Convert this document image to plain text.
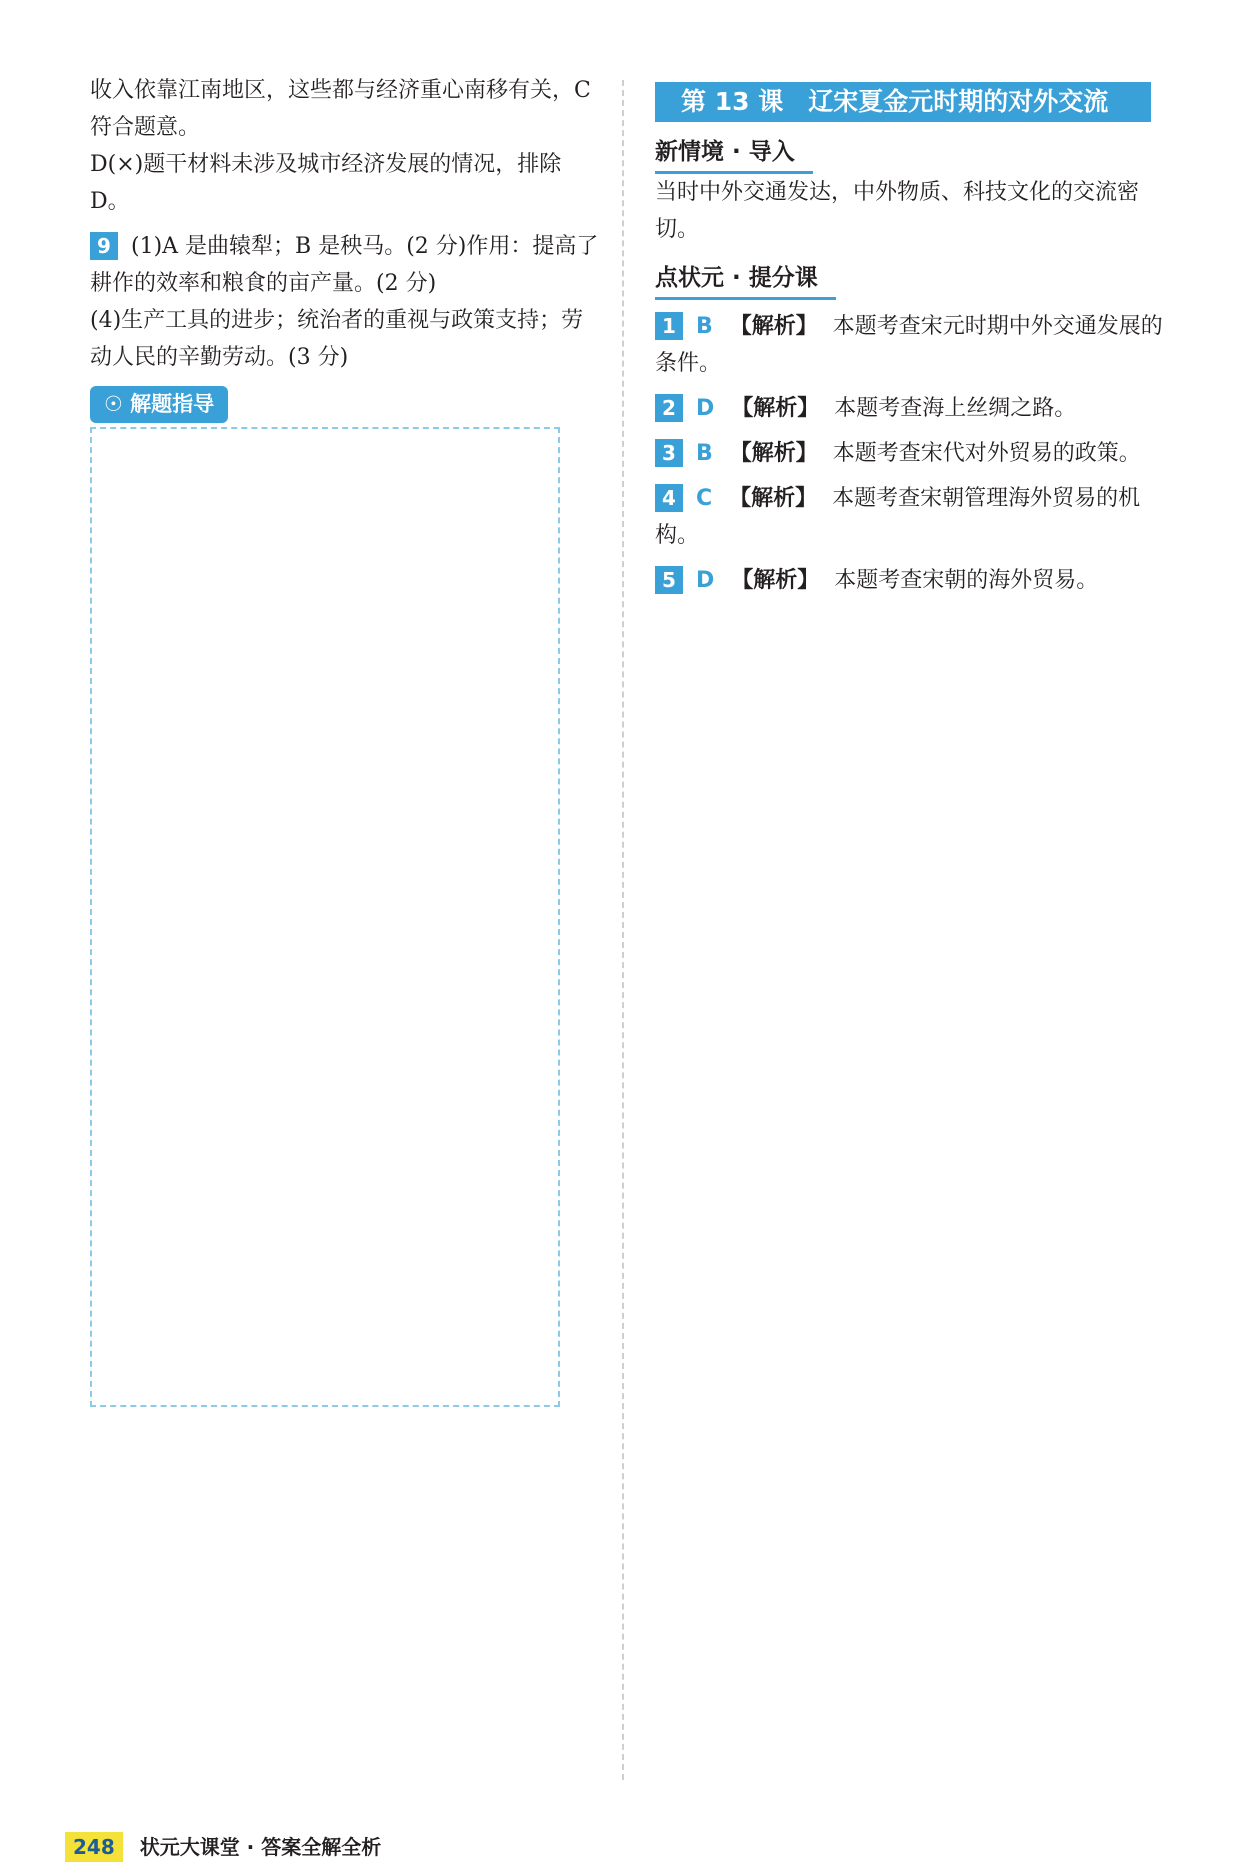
收入依靠江南地区，这些都与经济重心南移有关，C 符合题意。

D(×)题干材料未涉及城市经济发展的情况，排除 D。

9 (1)A 是曲辕犁；B 是秧马。(2 分)作用：提高了耕作的效率和粮食的亩产量。(2 分)

(4)生产工具的进步；统治者的重视与政策支持；劳动人民的辛勤劳动。(3 分)

☉ 解题指导
第 13 课　辽宋夏金元时期的对外交流
新情境 · 导入

当时中外交通发达，中外物质、科技文化的交流密切。

点状元 · 提分课

1 B 【解析】 本题考查宋元时期中外交通发展的条件。

2 D 【解析】 本题考查海上丝绸之路。

3 B 【解析】 本题考查宋代对外贸易的政策。

4 C 【解析】 本题考查宋朝管理海外贸易的机构。

5 D 【解析】 本题考查宋朝的海外贸易。

248 状元大课堂 · 答案全解全析
